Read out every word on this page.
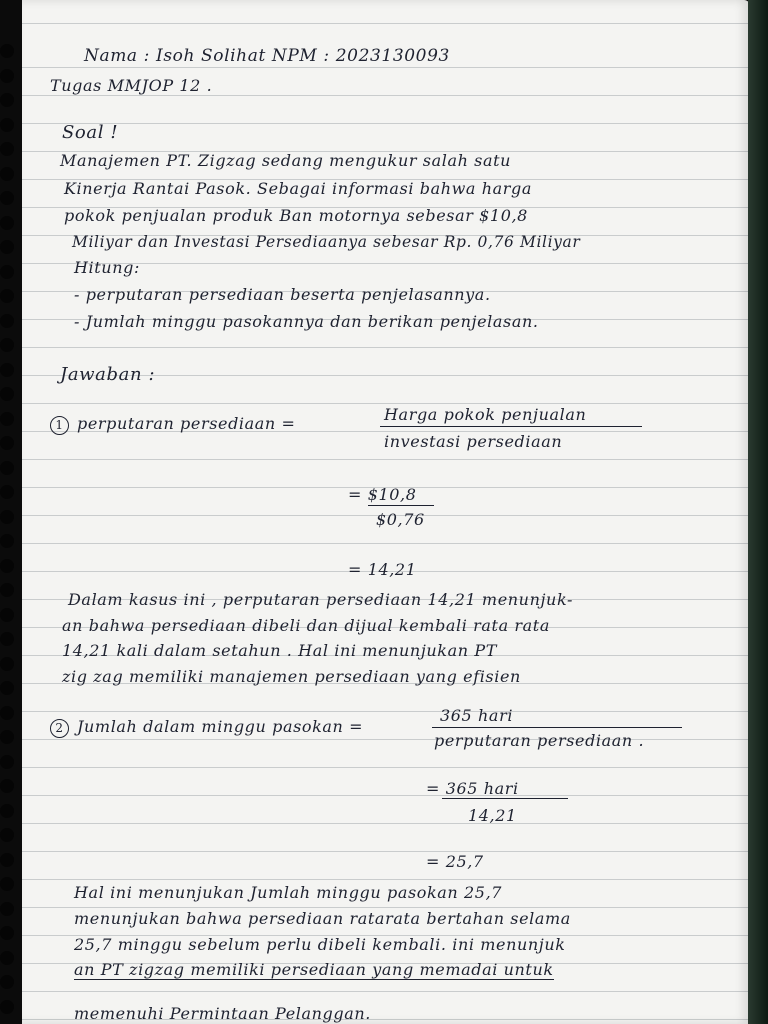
Nama : Isoh Solihat NPM : 2023130093
Tugas MMJOP 12 .
Soal !
Manajemen PT. Zigzag sedang mengukur salah satu
Kinerja Rantai Pasok. Sebagai informasi bahwa harga
pokok penjualan produk Ban motornya sebesar $10,8
Miliyar dan Investasi Persediaanya sebesar Rp. 0,76 Miliyar
Hitung:
- perputaran persediaan beserta penjelasannya.
- Jumlah minggu pasokannya dan berikan penjelasan.
Jawaban :
1 perputaran persediaan =	Harga pokok penjualan
investasi persediaan
= $10,8
$0,76
= 14,21
Dalam kasus ini , perputaran persediaan 14,21 menunjuk-
an bahwa persediaan dibeli dan dijual kembali rata rata
14,21 kali dalam setahun . Hal ini menunjukan PT
zig zag memiliki manajemen persediaan yang efisien
2 Jumlah dalam minggu pasokan =
365 hari
perputaran persediaan .
= 365 hari
14,21
= 25,7
Hal ini menunjukan Jumlah minggu pasokan 25,7
menunjukan bahwa persediaan ratarata bertahan selama
25,7 minggu sebelum perlu dibeli kembali. ini menunjuk
an PT zigzag memiliki persediaan yang memadai untuk
memenuhi Permintaan Pelanggan.
